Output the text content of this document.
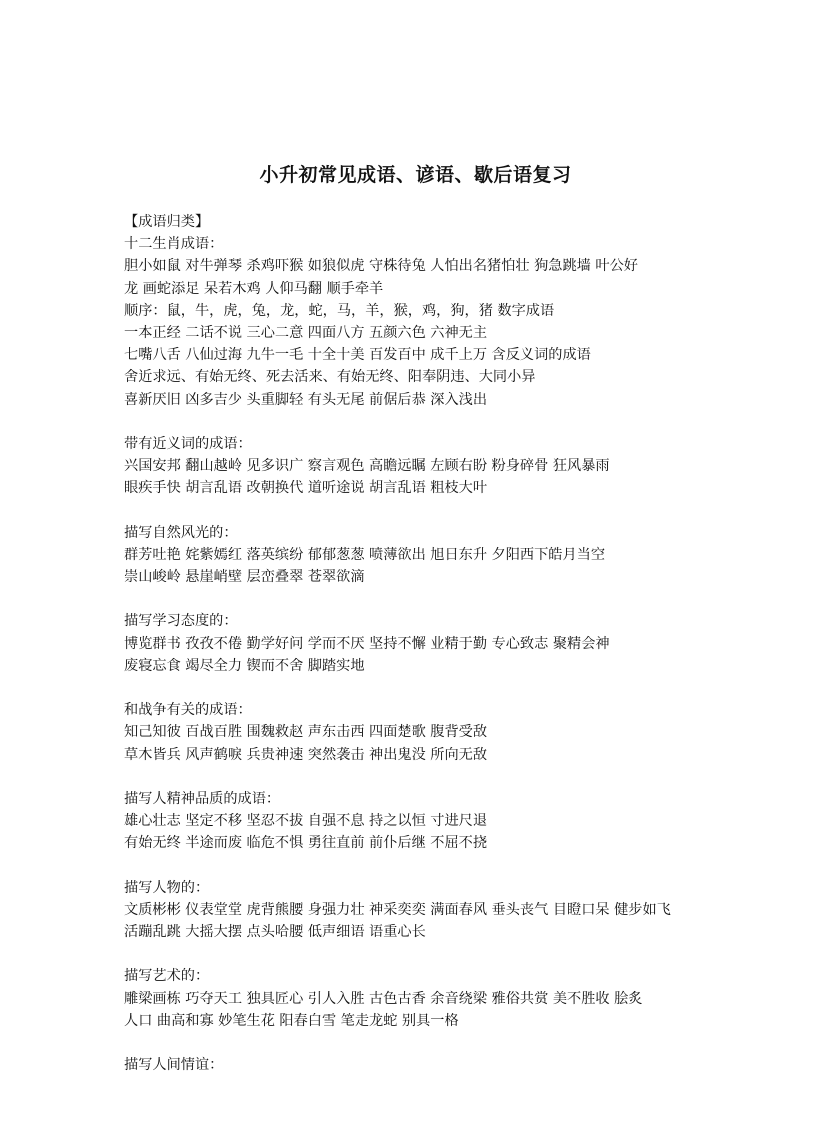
小升初常见成语、谚语、歇后语复习
【成语归类】
十二生肖成语：
胆小如鼠 对牛弹琴 杀鸡吓猴 如狼似虎 守株待兔 人怕出名猪怕壮 狗急跳墙 叶公好
龙 画蛇添足 呆若木鸡 人仰马翻 顺手牵羊
顺序：鼠，牛，虎，兔，龙，蛇，马，羊，猴，鸡，狗，猪 数字成语
一本正经 二话不说 三心二意 四面八方 五颜六色 六神无主
七嘴八舌 八仙过海 九牛一毛 十全十美 百发百中 成千上万 含反义词的成语
舍近求远、有始无终、死去活来、有始无终、阳奉阴违、大同小异
喜新厌旧 凶多吉少 头重脚轻 有头无尾 前倨后恭 深入浅出
带有近义词的成语：
兴国安邦 翻山越岭 见多识广 察言观色 高瞻远瞩 左顾右盼 粉身碎骨 狂风暴雨
眼疾手快 胡言乱语 改朝换代 道听途说 胡言乱语 粗枝大叶
描写自然风光的：
群芳吐艳 姹紫嫣红 落英缤纷 郁郁葱葱 喷薄欲出 旭日东升 夕阳西下皓月当空
崇山峻岭 悬崖峭壁 层峦叠翠 苍翠欲滴
描写学习态度的：
博览群书 孜孜不倦 勤学好问 学而不厌 坚持不懈 业精于勤 专心致志 聚精会神
废寝忘食 竭尽全力 锲而不舍 脚踏实地
和战争有关的成语：
知己知彼 百战百胜 围魏救赵 声东击西 四面楚歌 腹背受敌
草木皆兵 风声鹤唳 兵贵神速 突然袭击 神出鬼没 所向无敌
描写人精神品质的成语：
雄心壮志 坚定不移 坚忍不拔 自强不息 持之以恒 寸进尺退
有始无终 半途而废 临危不惧 勇往直前 前仆后继 不屈不挠
描写人物的：
文质彬彬 仪表堂堂 虎背熊腰 身强力壮 神采奕奕 满面春风 垂头丧气 目瞪口呆 健步如飞
活蹦乱跳 大摇大摆 点头哈腰 低声细语 语重心长
描写艺术的：
雕梁画栋 巧夺天工 独具匠心 引人入胜 古色古香 余音绕梁 雅俗共赏 美不胜收 脍炙
人口 曲高和寡 妙笔生花 阳春白雪 笔走龙蛇 别具一格
描写人间情谊：
